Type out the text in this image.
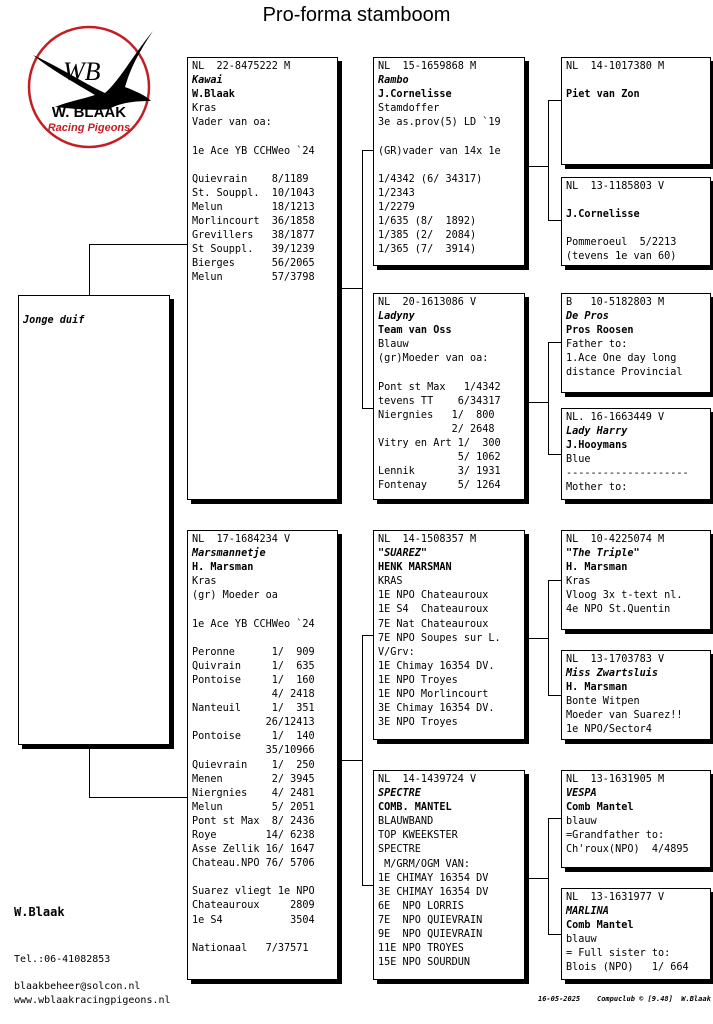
Pro-forma stamboom
WB
W. BLAAK
Racing Pigeons
Jonge duif
NL  22-8475222 M
Kawai
W.Blaak
Kras
Vader van oa:
1e Ace YB CCHWeo `24
Quievrain    8/1189
St. Souppl.  10/1043
Melun        18/1213
Morlincourt  36/1858
Grevillers   38/1877
St Souppl.   39/1239
Bierges      56/2065
Melun        57/3798
NL  17-1684234 V
Marsmannetje
H. Marsman
Kras
(gr) Moeder oa
1e Ace YB CCHWeo `24
Peronne      1/  909
Quivrain     1/  635
Pontoise     1/  160
4/ 2418
Nanteuil     1/  351
26/12413
Pontoise     1/  140
35/10966
Quievrain    1/  250
Menen        2/ 3945
Niergnies    4/ 2481
Melun        5/ 2051
Pont st Max  8/ 2436
Roye        14/ 6238
Asse Zellik 16/ 1647
Chateau.NPO 76/ 5706
Suarez vliegt 1e NPO
Chateauroux     2809
1e S4           3504
Nationaal   7/37571
NL  15-1659868 M
Rambo
J.Cornelisse
Stamdoffer
3e as.prov(5) LD `19
(GR)vader van 14x 1e
1/4342 (6/ 34317)
1/2343
1/2279
1/635 (8/  1892)
1/385 (2/  2084)
1/365 (7/  3914)
NL  20-1613086 V
Ladyny
Team van Oss
Blauw
(gr)Moeder van oa:
Pont st Max   1/4342
tevens TT    6/34317
Niergnies   1/  800
2/ 2648
Vitry en Art 1/  300
5/ 1062
Lennik       3/ 1931
Fontenay     5/ 1264
NL  14-1508357 M
"SUAREZ"
HENK MARSMAN
KRAS
1E NPO Chateauroux
1E S4  Chateauroux
7E Nat Chateauroux
7E NPO Soupes sur L.
V/Grv:
1E Chimay 16354 DV.
1E NPO Troyes
1E NPO Morlincourt
3E Chimay 16354 DV.
3E NPO Troyes
NL  14-1439724 V
SPECTRE
COMB. MANTEL
BLAUWBAND
TOP KWEEKSTER
SPECTRE
M/GRM/OGM VAN:
1E CHIMAY 16354 DV
3E CHIMAY 16354 DV
6E  NPO LORRIS
7E  NPO QUIEVRAIN
9E  NPO QUIEVRAIN
11E NPO TROYES
15E NPO SOURDUN
NL  14-1017380 M
Piet van Zon
NL  13-1185803 V
J.Cornelisse
Pommeroeul  5/2213
(tevens 1e van 60)
B   10-5182803 M
De Pros
Pros Roosen
Father to:
1.Ace One day long
distance Provincial
NL. 16-1663449 V
Lady Harry
J.Hooymans
Blue
--------------------
Mother to:
NL  10-4225074 M
"The Triple"
H. Marsman
Kras
Vloog 3x t-text nl.
4e NPO St.Quentin
NL  13-1703783 V
Miss Zwartsluis
H. Marsman
Bonte Witpen
Moeder van Suarez!!
1e NPO/Sector4
NL  13-1631905 M
VESPA
Comb Mantel
blauw
=Grandfather to:
Ch'roux(NPO)  4/4895
NL  13-1631977 V
MARLINA
Comb Mantel
blauw
= Full sister to:
Blois (NPO)   1/ 664
W.Blaak
Tel.:06-41082853
blaakbeheer@solcon.nl
www.wblaakracingpigeons.nl	16-05-2025    Compuclub © [9.48]  W.Blaak
